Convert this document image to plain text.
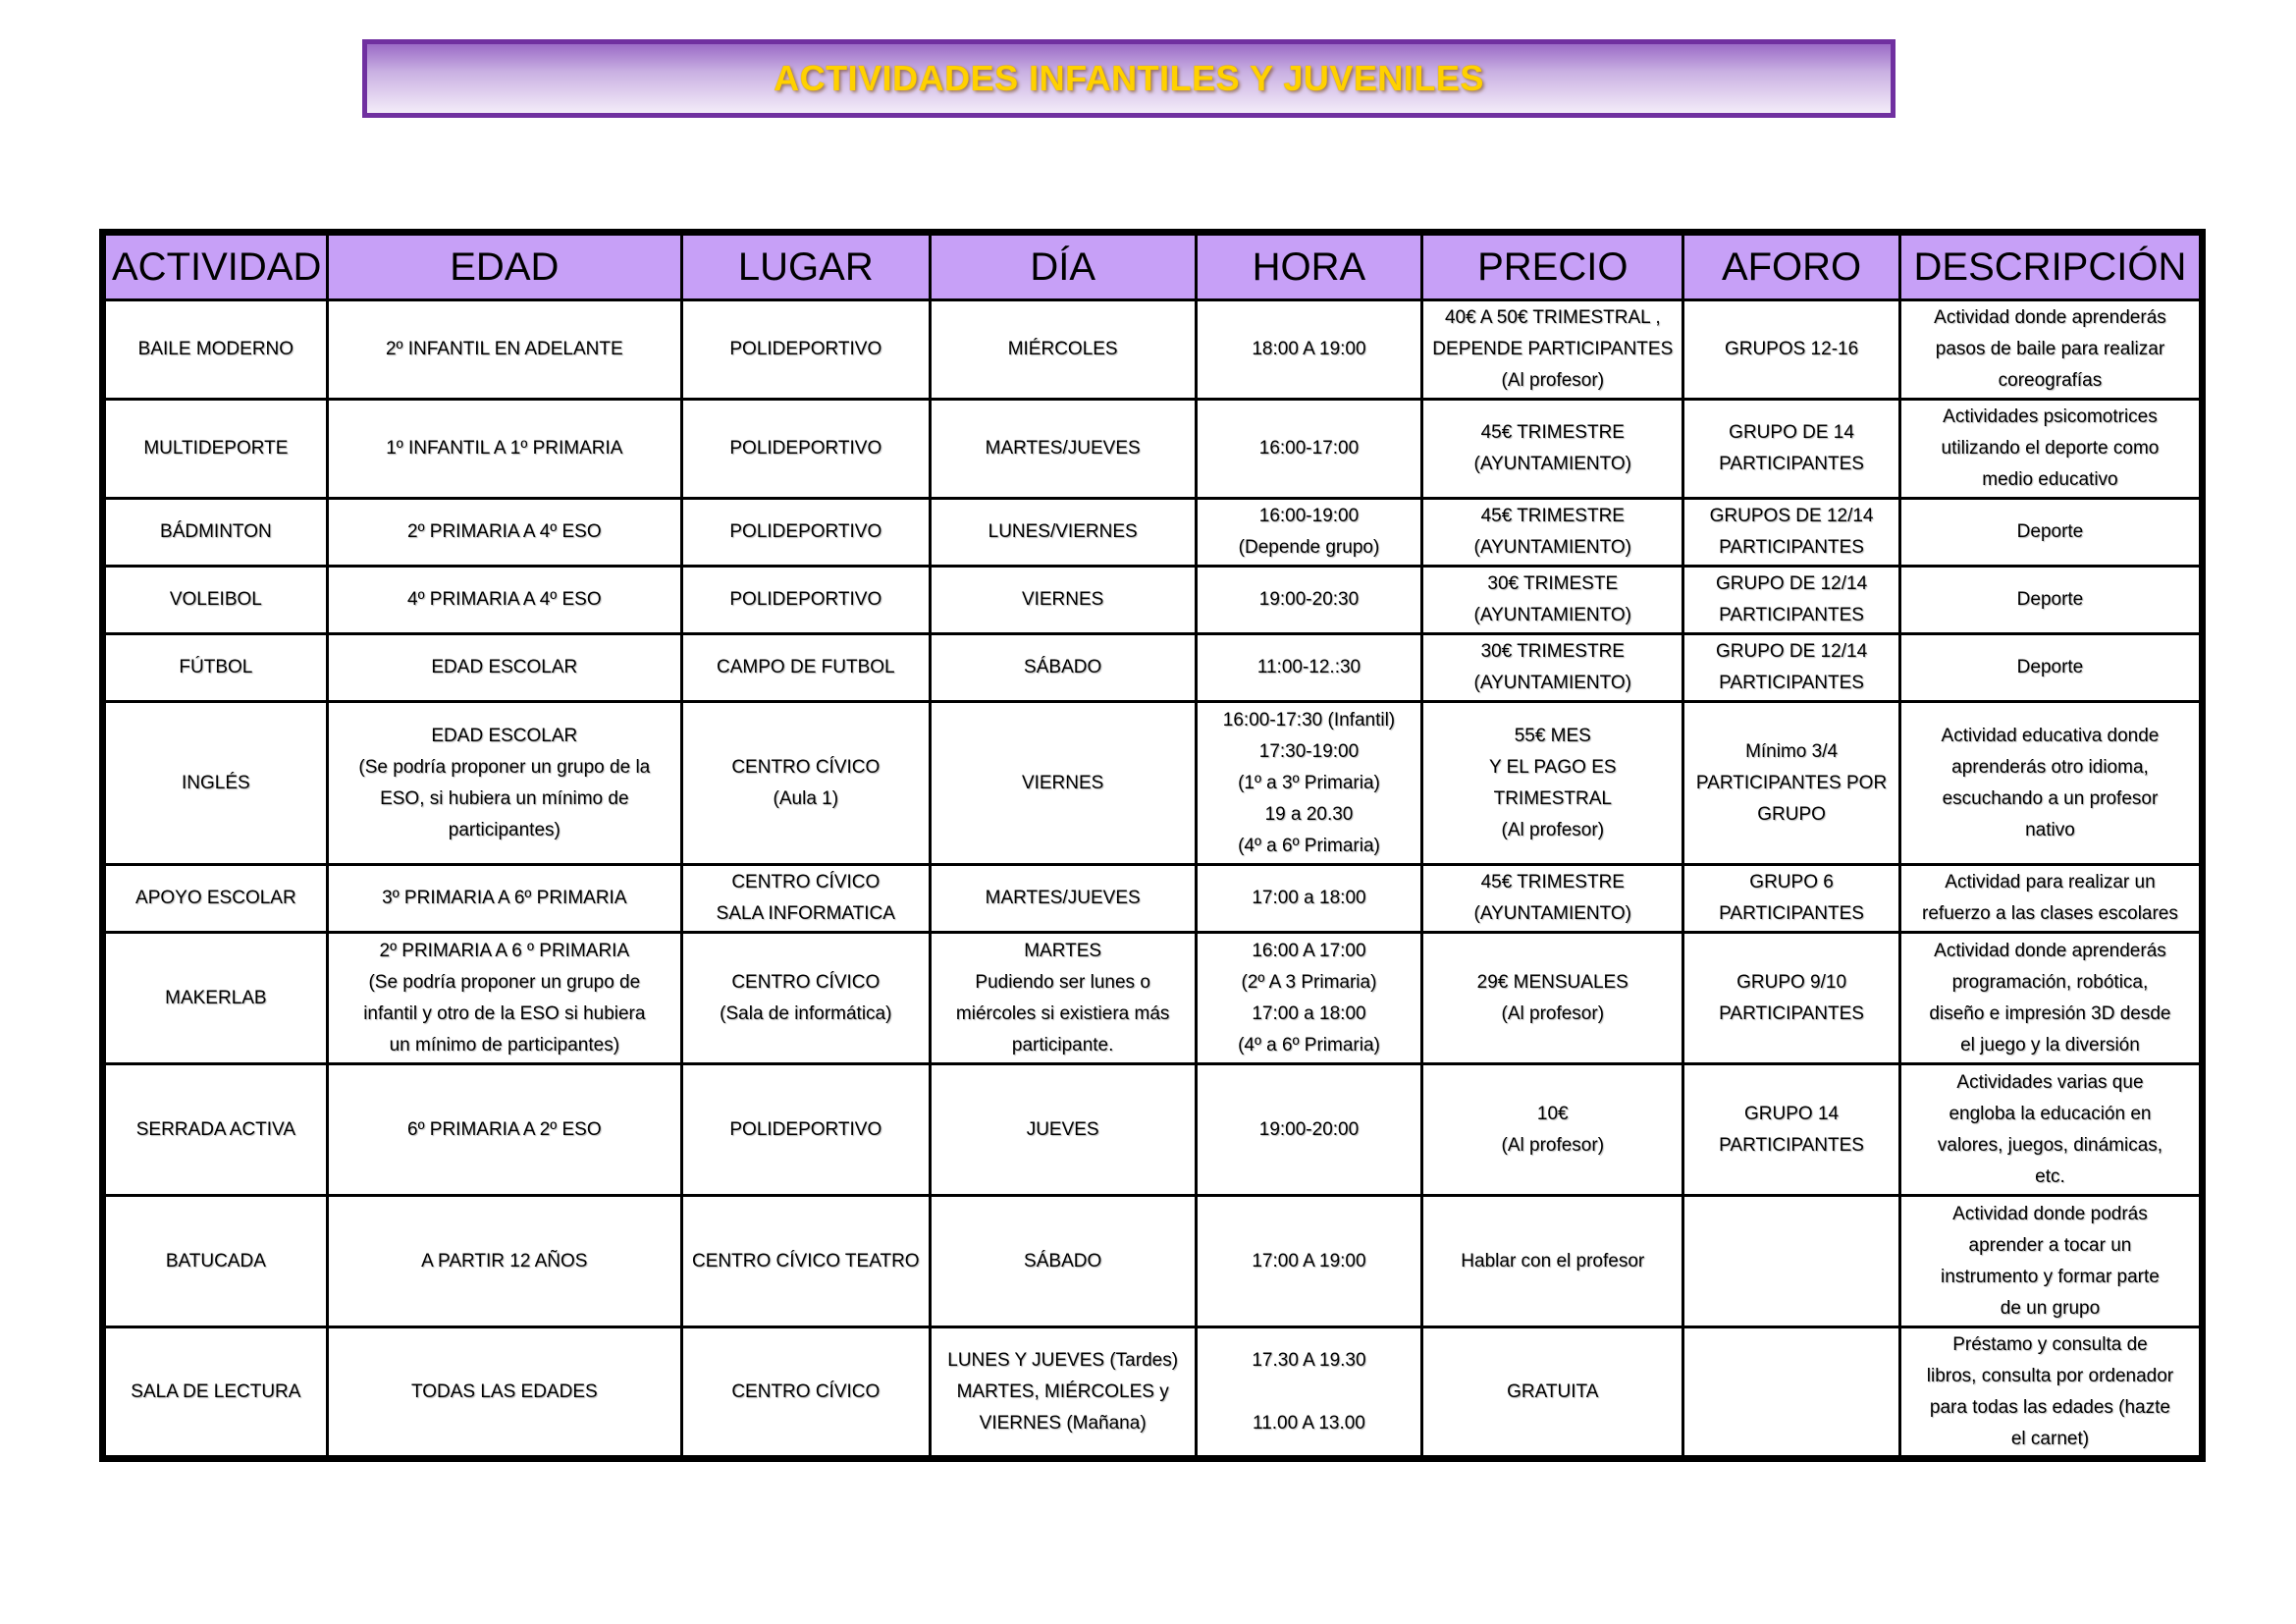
ACTIVIDADES INFANTILES Y JUVENILES
ACTIVIDAD	EDAD	LUGAR	DÍA	HORA	PRECIO	AFORO	DESCRIPCIÓN

BAILE MODERNO	2º INFANTIL EN ADELANTE	POLIDEPORTIVO	MIÉRCOLES	18:00 A 19:00	40€ A 50€ TRIMESTRAL ,
DEPENDE PARTICIPANTES
(Al profesor)	GRUPOS 12-16	Actividad donde aprenderás
pasos de baile para realizar
coreografías

MULTIDEPORTE	1º INFANTIL A 1º PRIMARIA	POLIDEPORTIVO	MARTES/JUEVES	16:00-17:00	45€ TRIMESTRE
(AYUNTAMIENTO)	GRUPO DE 14
PARTICIPANTES	Actividades psicomotrices
utilizando el deporte como
medio educativo

BÁDMINTON	2º PRIMARIA A 4º ESO	POLIDEPORTIVO	LUNES/VIERNES	16:00-19:00
(Depende grupo)	45€ TRIMESTRE
(AYUNTAMIENTO)	GRUPOS DE 12/14
PARTICIPANTES	Deporte

VOLEIBOL	4º PRIMARIA A 4º ESO	POLIDEPORTIVO	VIERNES	19:00-20:30	30€ TRIMESTE
(AYUNTAMIENTO)	GRUPO DE 12/14
PARTICIPANTES	Deporte

FÚTBOL	EDAD ESCOLAR	CAMPO DE FUTBOL	SÁBADO	11:00-12.:30	30€ TRIMESTRE
(AYUNTAMIENTO)	GRUPO DE 12/14
PARTICIPANTES	Deporte

INGLÉS	EDAD ESCOLAR
(Se podría proponer un grupo de la
ESO, si hubiera un mínimo de
participantes)	CENTRO CÍVICO
(Aula 1)	VIERNES	16:00-17:30 (Infantil)
17:30-19:00
(1º a 3º Primaria)
19 a 20.30
(4º a 6º Primaria)	55€ MES
Y EL PAGO ES
TRIMESTRAL
(Al profesor)	Mínimo 3/4
PARTICIPANTES POR
GRUPO	Actividad educativa donde
aprenderás otro idioma,
escuchando a un profesor
nativo

APOYO ESCOLAR	3º PRIMARIA A 6º PRIMARIA	CENTRO CÍVICO
SALA INFORMATICA	MARTES/JUEVES	17:00 a 18:00	45€ TRIMESTRE
(AYUNTAMIENTO)	GRUPO 6
PARTICIPANTES	Actividad para realizar un
refuerzo a las clases escolares

MAKERLAB	2º PRIMARIA A 6 º PRIMARIA
(Se podría proponer un grupo de
infantil y otro de la ESO si hubiera
un mínimo de participantes)	CENTRO CÍVICO
(Sala de informática)	MARTES
Pudiendo ser lunes o
miércoles si existiera más
participante.	16:00 A 17:00
(2º A 3 Primaria)
17:00 a 18:00
(4º a 6º Primaria)	29€ MENSUALES
(Al profesor)	GRUPO 9/10
PARTICIPANTES	Actividad donde aprenderás
programación, robótica,
diseño e impresión 3D desde
el juego y la diversión

SERRADA ACTIVA	6º PRIMARIA A 2º ESO	POLIDEPORTIVO	JUEVES	19:00-20:00	10€
(Al profesor)	GRUPO 14
PARTICIPANTES	Actividades varias que
engloba la educación en
valores, juegos, dinámicas,
etc.

BATUCADA	A PARTIR 12 AÑOS	CENTRO CÍVICO TEATRO	SÁBADO	17:00 A 19:00	Hablar con el profesor		Actividad donde podrás
aprender a tocar un
instrumento y formar parte
de un grupo

SALA DE LECTURA	TODAS LAS EDADES	CENTRO CÍVICO	LUNES Y JUEVES (Tardes)
MARTES, MIÉRCOLES y
VIERNES (Mañana)	17.30 A 19.30
11.00 A 13.00	GRATUITA		Préstamo y consulta de
libros, consulta por ordenador
para todas las edades (hazte
el carnet)
